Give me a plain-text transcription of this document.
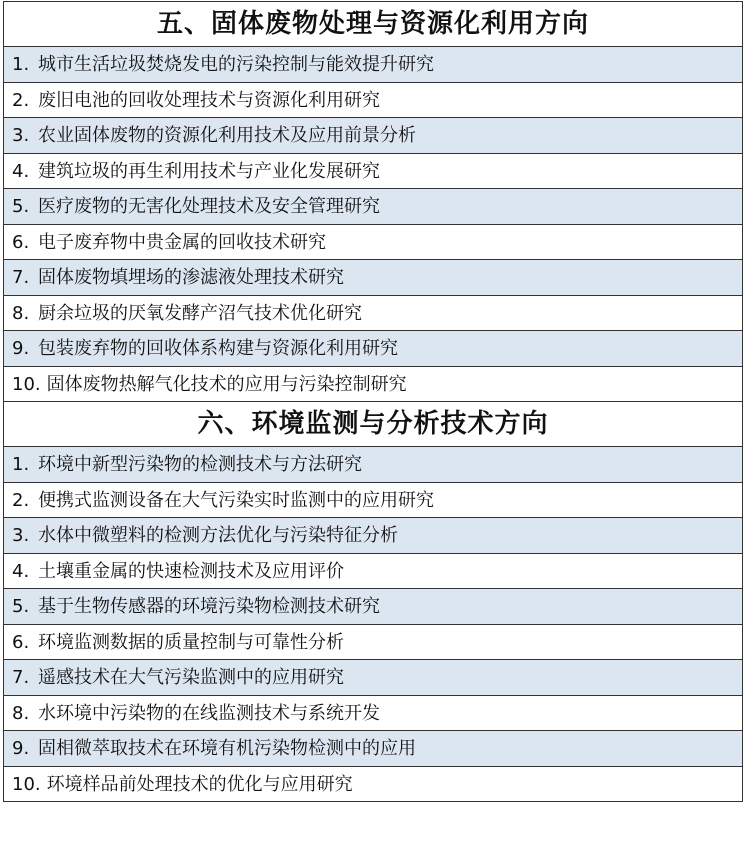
五、固体废物处理与资源化利用方向
1. 城市生活垃圾焚烧发电的污染控制与能效提升研究
2. 废旧电池的回收处理技术与资源化利用研究
3. 农业固体废物的资源化利用技术及应用前景分析
4. 建筑垃圾的再生利用技术与产业化发展研究
5. 医疗废物的无害化处理技术及安全管理研究
6. 电子废弃物中贵金属的回收技术研究
7. 固体废物填埋场的渗滤液处理技术研究
8. 厨余垃圾的厌氧发酵产沼气技术优化研究
9. 包装废弃物的回收体系构建与资源化利用研究
10. 固体废物热解气化技术的应用与污染控制研究
六、环境监测与分析技术方向
1. 环境中新型污染物的检测技术与方法研究
2. 便携式监测设备在大气污染实时监测中的应用研究
3. 水体中微塑料的检测方法优化与污染特征分析
4. 土壤重金属的快速检测技术及应用评价
5. 基于生物传感器的环境污染物检测技术研究
6. 环境监测数据的质量控制与可靠性分析
7. 遥感技术在大气污染监测中的应用研究
8. 水环境中污染物的在线监测技术与系统开发
9. 固相微萃取技术在环境有机污染物检测中的应用
10. 环境样品前处理技术的优化与应用研究
